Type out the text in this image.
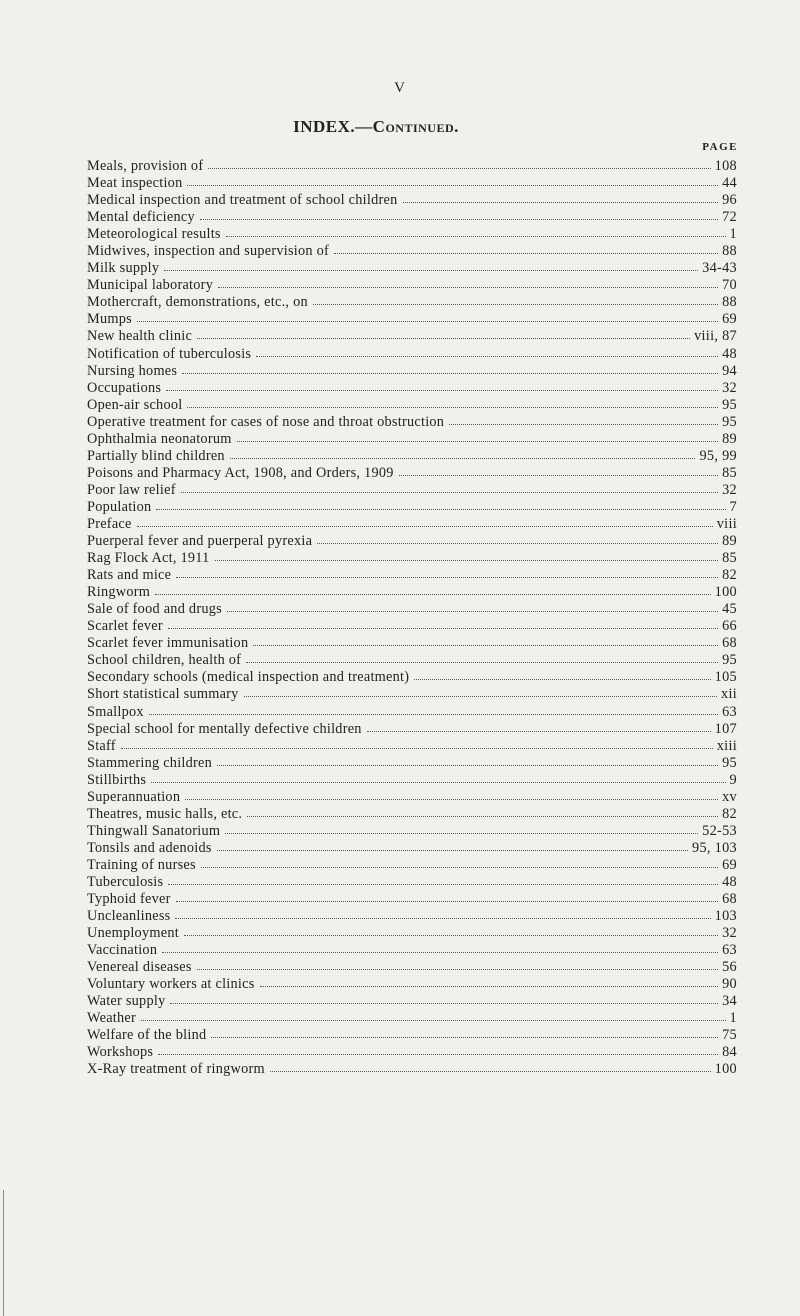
V
INDEX.—Continued.
PAGE
Meals, provision of	108
Meat inspection	44
Medical inspection and treatment of school children	96
Mental deficiency	72
Meteorological results	1
Midwives, inspection and supervision of	88
Milk supply	34-43
Municipal laboratory	70
Mothercraft, demonstrations, etc., on	88
Mumps	69
New health clinic	viii, 87
Notification of tuberculosis	48
Nursing homes	94
Occupations	32
Open-air school	95
Operative treatment for cases of nose and throat obstruction	95
Ophthalmia neonatorum	89
Partially blind children	95, 99
Poisons and Pharmacy Act, 1908, and Orders, 1909	85
Poor law relief	32
Population	7
Preface	viii
Puerperal fever and puerperal pyrexia	89
Rag Flock Act, 1911	85
Rats and mice	82
Ringworm	100
Sale of food and drugs	45
Scarlet fever	66
Scarlet fever immunisation	68
School children, health of	95
Secondary schools (medical inspection and treatment)	105
Short statistical summary	xii
Smallpox	63
Special school for mentally defective children	107
Staff	xiii
Stammering children	95
Stillbirths	9
Superannuation	xv
Theatres, music halls, etc.	82
Thingwall Sanatorium	52-53
Tonsils and adenoids	95, 103
Training of nurses	69
Tuberculosis	48
Typhoid fever	68
Uncleanliness	103
Unemployment	32
Vaccination	63
Venereal diseases	56
Voluntary workers at clinics	90
Water supply	34
Weather	1
Welfare of the blind	75
Workshops	84
X-Ray treatment of ringworm	100
